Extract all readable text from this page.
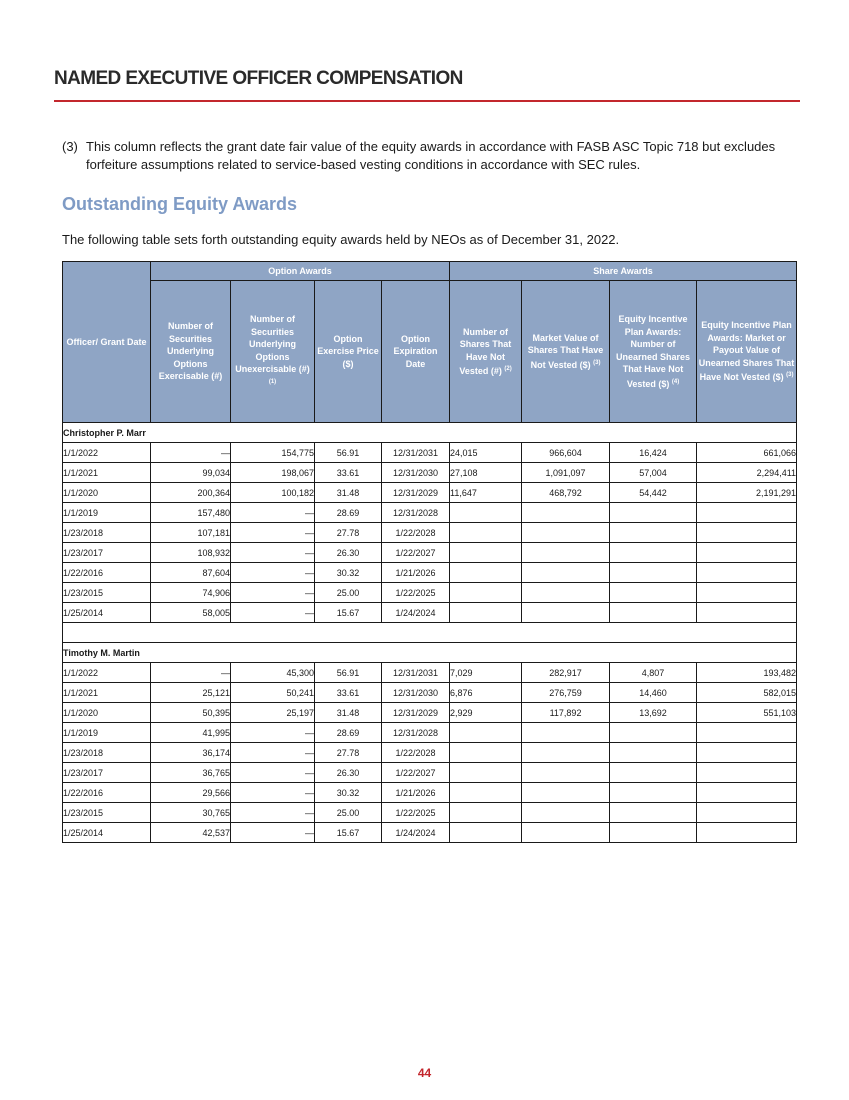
NAMED EXECUTIVE OFFICER COMPENSATION
(3) This column reflects the grant date fair value of the equity awards in accordance with FASB ASC Topic 718 but excludes forfeiture assumptions related to service-based vesting conditions in accordance with SEC rules.
Outstanding Equity Awards
The following table sets forth outstanding equity awards held by NEOs as of December 31, 2022.
Officer/ Grant Date	Option Awards				Share Awards			
	Number of Securities Underlying Options Exercisable (#)	Number of Securities Underlying Options Unexercisable (#) $^{(1)}$	Option Exercise Price ($)	Option Expiration Date	Number of Shares That Have Not Vested (#) $^{(2)}$	Market Value of Shares That Have Not Vested ($) $^{(3)}$	Equity Incentive Plan Awards: Number of Unearned Shares That Have Not Vested ($) $^{(4)}$	Equity Incentive Plan Awards: Market or Payout Value of Unearned Shares That Have Not Vested ($) $^{(3)}$
Christopher P. Marr								
1/1/2022	—	154,775	56.91	12/31/2031	24,015	966,604	16,424	661,066
1/1/2021	99,034	198,067	33.61	12/31/2030	27,108	1,091,097	57,004	2,294,411
1/1/2020	200,364	100,182	31.48	12/31/2029	11,647	468,792	54,442	2,191,291
1/1/2019	157,480	—	28.69	12/31/2028				
1/23/2018	107,181	—	27.78	1/22/2028				
1/23/2017	108,932	—	26.30	1/22/2027				
1/22/2016	87,604	—	30.32	1/21/2026				
1/23/2015	74,906	—	25.00	1/22/2025				
1/25/2014	58,005	—	15.67	1/24/2024				

Timothy M. Martin								
1/1/2022	—	45,300	56.91	12/31/2031	7,029	282,917	4,807	193,482
1/1/2021	25,121	50,241	33.61	12/31/2030	6,876	276,759	14,460	582,015
1/1/2020	50,395	25,197	31.48	12/31/2029	2,929	117,892	13,692	551,103
1/1/2019	41,995	—	28.69	12/31/2028				
1/23/2018	36,174	—	27.78	1/22/2028				
1/23/2017	36,765	—	26.30	1/22/2027				
1/22/2016	29,566	—	30.32	1/21/2026				
1/23/2015	30,765	—	25.00	1/22/2025				
1/25/2014	42,537	—	15.67	1/24/2024				
44
